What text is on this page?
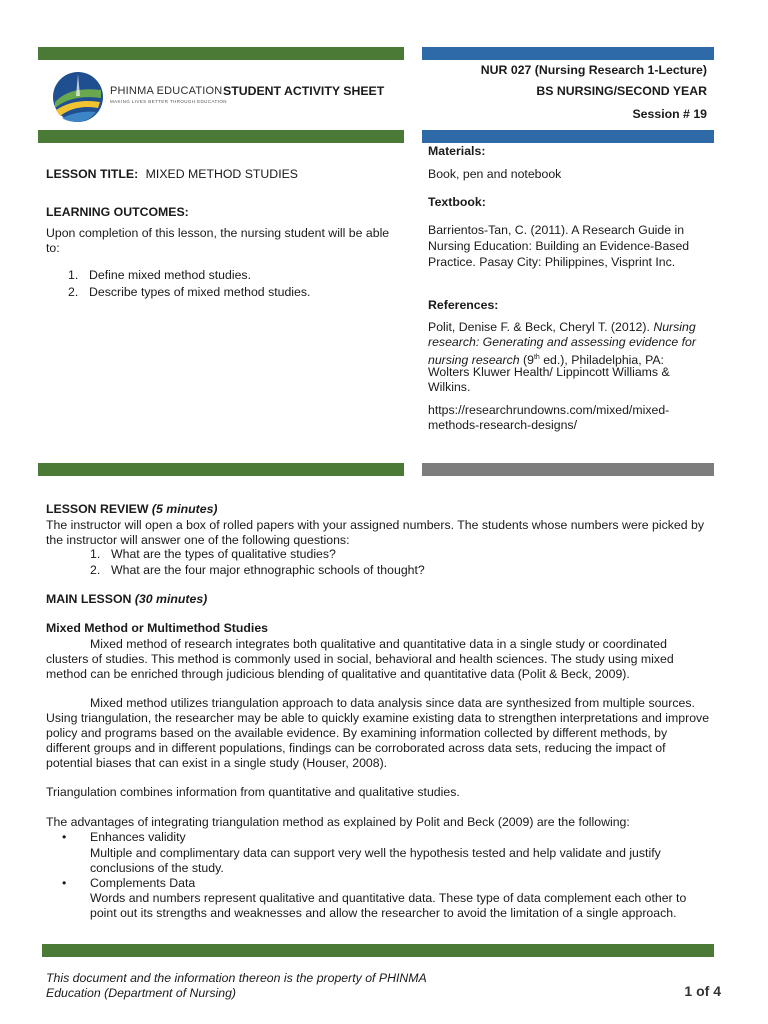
PHINMA EDUCATION
MAKING LIVES BETTER THROUGH EDUCATION
STUDENT ACTIVITY SHEET
NUR 027 (Nursing Research 1-Lecture)
BS NURSING/SECOND YEAR
Session # 19
LESSON TITLE: MIXED METHOD STUDIES
LEARNING OUTCOMES:
Upon completion of this lesson, the nursing student will be able
to:
1. Define mixed method studies.
2. Describe types of mixed method studies.
Materials:
Book, pen and notebook
Textbook:
Barrientos-Tan, C. (2011). A Research Guide in
Nursing Education: Building an Evidence-Based
Practice. Pasay City: Philippines, Visprint Inc.
References:
Polit, Denise F. & Beck, Cheryl T. (2012). Nursing
research: Generating and assessing evidence for
nursing research (9th ed.), Philadelphia, PA:
Wolters Kluwer Health/ Lippincott Williams &
Wilkins.
https://researchrundowns.com/mixed/mixed-
methods-research-designs/
LESSON REVIEW (5 minutes)
The instructor will open a box of rolled papers with your assigned numbers. The students whose numbers were picked by
the instructor will answer one of the following questions:
1. What are the types of qualitative studies?
2. What are the four major ethnographic schools of thought?
MAIN LESSON (30 minutes)
Mixed Method or Multimethod Studies
Mixed method of research integrates both qualitative and quantitative data in a single study or coordinated
clusters of studies. This method is commonly used in social, behavioral and health sciences. The study using mixed
method can be enriched through judicious blending of qualitative and quantitative data (Polit & Beck, 2009).
Mixed method utilizes triangulation approach to data analysis since data are synthesized from multiple sources.
Using triangulation, the researcher may be able to quickly examine existing data to strengthen interpretations and improve
policy and programs based on the available evidence. By examining information collected by different methods, by
different groups and in different populations, findings can be corroborated across data sets, reducing the impact of
potential biases that can exist in a single study (Houser, 2008).
Triangulation combines information from quantitative and qualitative studies.
The advantages of integrating triangulation method as explained by Polit and Beck (2009) are the following:
• Enhances validity
Multiple and complimentary data can support very well the hypothesis tested and help validate and justify
conclusions of the study.
• Complements Data
Words and numbers represent qualitative and quantitative data. These type of data complement each other to
point out its strengths and weaknesses and allow the researcher to avoid the limitation of a single approach.
This document and the information thereon is the property of PHINMA
Education (Department of Nursing)	1 of 4
